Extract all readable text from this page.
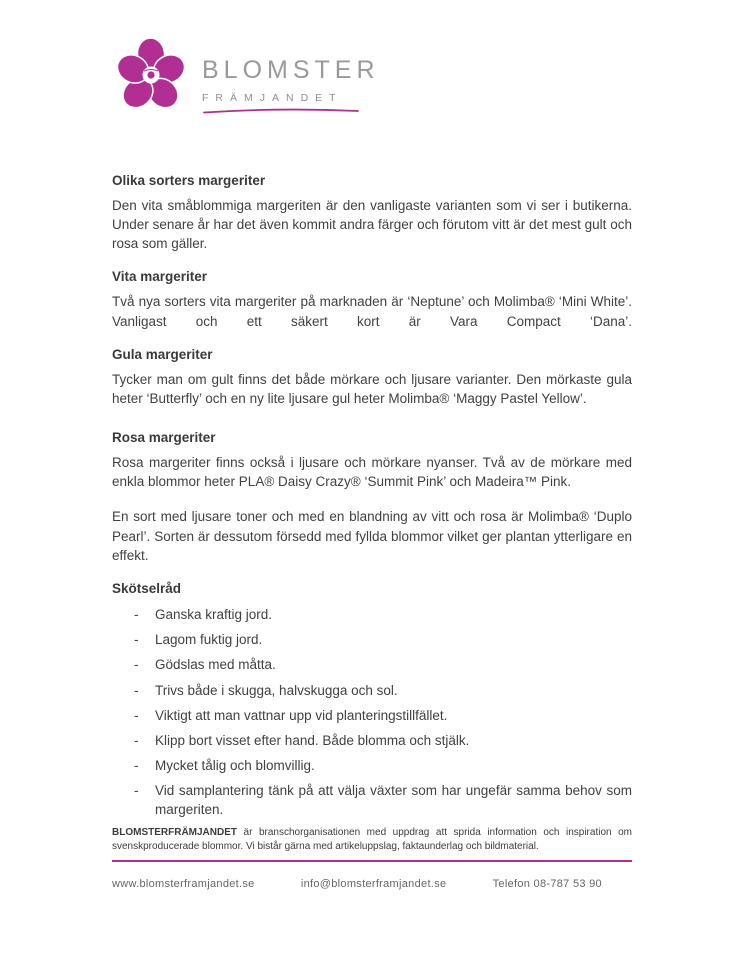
BLOMSTER
FRÄMJANDET
Olika sorters margeriter

Den vita småblommiga margeriten är den vanligaste varianten som vi ser i butikerna. Under senare år har det även kommit andra färger och förutom vitt är det mest gult och rosa som gäller.

Vita margeriter

Två nya sorters vita margeriter på marknaden är ‘Neptune’ och Molimba® ‘Mini White’. Vanligast och ett säkert kort är Vara Compact ‘Dana’.

Gula margeriter

Tycker man om gult finns det både mörkare och ljusare varianter. Den mörkaste gula heter ‘Butterfly’ och en ny lite ljusare gul heter Molimba® ‘Maggy Pastel Yellow’.

Rosa margeriter

Rosa margeriter finns också i ljusare och mörkare nyanser. Två av de mörkare med enkla blommor heter PLA® Daisy Crazy® ‘Summit Pink’ och Madeira™ Pink.

En sort med ljusare toner och med en blandning av vitt och rosa är Molimba® ‘Duplo Pearl’. Sorten är dessutom försedd med fyllda blommor vilket ger plantan ytterligare en effekt.

Skötselråd
-	Ganska kraftig jord.
-	Lagom fuktig jord.
-	Gödslas med måtta.
-	Trivs både i skugga, halvskugga och sol.
-	Viktigt att man vattnar upp vid planteringstillfället.
-	Klipp bort visset efter hand. Både blomma och stjälk.
-	Mycket tålig och blomvillig.
-	Vid samplantering tänk på att välja växter som har ungefär samma behov som margeriten.

BLOMSTERFRÄMJANDET är branschorganisationen med uppdrag att sprida information och inspiration om svenskproducerade blommor. Vi bistår gärna med artikeluppslag, faktaunderlag och bildmaterial.

www.blomsterframjandet.se	info@blomsterframjandet.se	Telefon 08-787 53 90
